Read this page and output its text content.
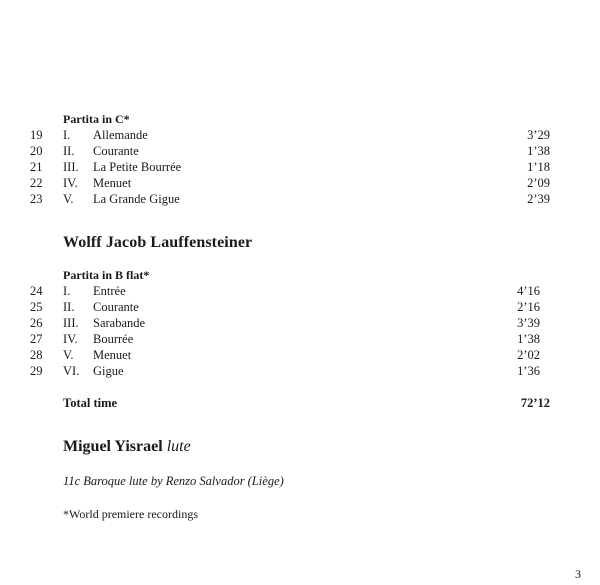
Partita in C*
19 I. Allemande	3’29
20 II. Courante	1’38
21 III. La Petite Bourrée	1’18
22 IV. Menuet	2’09
23 V. La Grande Gigue	2’39
Wolff Jacob Lauffensteiner
Partita in B flat*
24 I. Entrée	4’16
25 II. Courante	2’16
26 III. Sarabande	3’39
27 IV. Bourrée	1’38
28 V. Menuet	2’02
29 VI. Gigue	1’36
Total time	72’12
Miguel Yisrael lute
11c Baroque lute by Renzo Salvador (Liège)
*World premiere recordings
3
